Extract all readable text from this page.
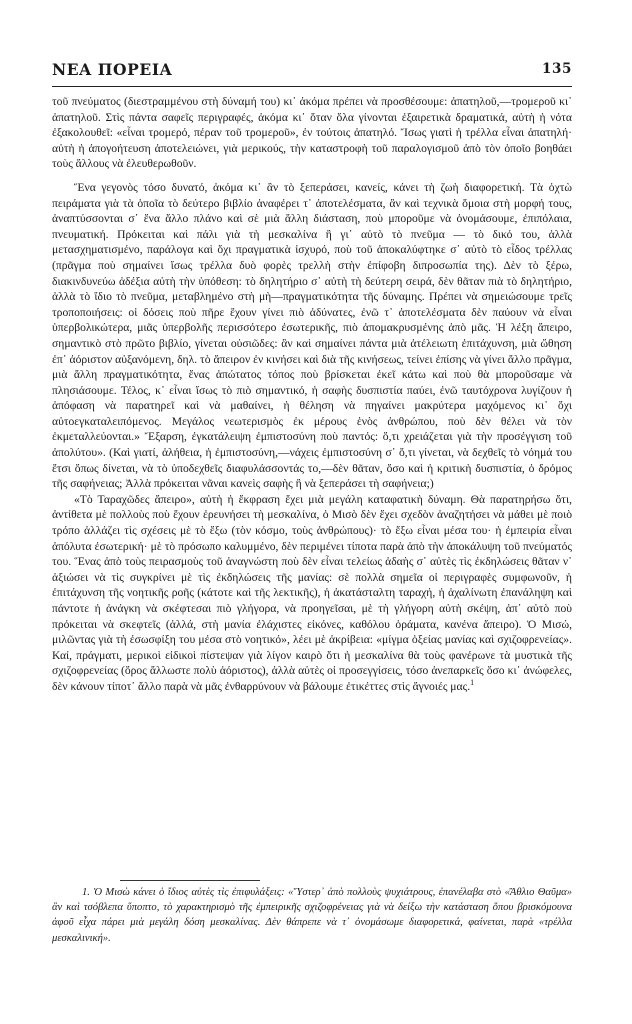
ΝΕΑ ΠΟΡΕΙΑ	135

τοῦ πνεύματος (διεστραμμένου στὴ δύναμή του) κι᾿ ἀκόμα πρέπει νὰ προσθέσουμε: ἀπατηλοῦ,—τρομεροῦ κι᾿ ἀπατηλοῦ. Στὶς πάντα σαφεῖς περιγραφές, ἀκόμα κι᾿ ὅταν ὅλα γίνονται ἐξαιρετικὰ δραματικά, αὐτὴ ἡ νότα ἐξακολουθεῖ: «εἶναι τρομερό, πέραν τοῦ τρομεροῦ», ἐν τούτοις ἀπατηλό. Ἴσως γιατὶ ἡ τρέλλα εἶναι ἀπατηλή· αὐτὴ ἡ ἀπογοήτευση ἀποτελειώνει, γιὰ μερικούς, τὴν καταστροφὴ τοῦ παραλογισμοῦ ἀπὸ τὸν ὁποῖο βοηθάει τοὺς ἄλλους νὰ ἐλευθερωθοῦν.

Ἕνα γεγονὸς τόσο δυνατό, ἀκόμα κι᾿ ἂν τὸ ξεπεράσει, κανείς, κάνει τὴ ζωὴ διαφορετική. Τὰ ὀχτὼ πειράματα γιὰ τὰ ὁποῖα τὸ δεύτερο βιβλίο ἀναφέρει τ᾿ ἀποτελέσματα, ἂν καὶ τεχνικὰ ὅμοια στὴ μορφή τους, ἀναπτύσσονται σ᾿ ἕνα ἄλλο πλάνο καὶ σὲ μιὰ ἄλλη διάσταση, ποὺ μποροῦμε νὰ ὀνομάσουμε, ἐπιπόλαια, πνευματική. Πρόκειται καὶ πάλι γιὰ τὴ μεσκαλίνα ἢ γι᾿ αὐτὸ τὸ πνεῦμα — τὸ δικό του, ἀλλὰ μετασχηματισμένο, παράλογα καὶ ὄχι πραγματικὰ ἰσχυρό, ποὺ τοῦ ἀποκαλύφτηκε σ᾿ αὐτὸ τὸ εἶδος τρέλλας (πρᾶγμα ποὺ σημαίνει ἴσως τρέλλα δυὸ φορὲς τρελλὴ στὴν ἐπίφοβη διπροσωπία της). Δὲν τὸ ξέρω, διακινδυνεύω ἁδέξια αὐτὴ τὴν ὑπόθεση: τὸ δηλητήριο σ᾿ αὐτὴ τὴ δεύτερη σειρά, δὲν θᾶταν πιὰ τὸ δηλητήριο, ἀλλὰ τὸ ἴδιο τὸ πνεῦμα, μεταβλημένο στὴ μὴ—πραγματικότητα τῆς δύναμης. Πρέπει νὰ σημειώσουμε τρεῖς τροποποιήσεις: οἱ δόσεις ποὺ πῆρε ἔχουν γίνει πιὸ ἀδύνατες, ἐνῶ τ᾿ ἀποτελέσματα δὲν παύουν νὰ εἶναι ὑπερβολικώτερα, μιᾶς ὑπερβολῆς περισσότερο ἐσωτερικῆς, πιὸ ἀπομακρυσμένης ἀπὸ μᾶς. Ἡ λέξη ἄπειρο, σημαντικὸ στὸ πρῶτο βιβλίο, γίνεται οὐσιῶδες: ἂν καὶ σημαίνει πάντα μιὰ ἀτέλειωτη ἐπιτάχυνση, μιὰ ὤθηση ἐπ᾿ ἀόριστον αὐξανόμενη, δηλ. τὸ ἄπειρον ἐν κινήσει καὶ διὰ τῆς κινήσεως, τείνει ἐπίσης νὰ γίνει ἄλλο πρᾶγμα, μιὰ ἄλλη πραγματικότητα, ἕνας ἀπώτατος τόπος ποὺ βρίσκεται ἐκεῖ κάτω καὶ ποὺ θὰ μποροῦσαμε νὰ πλησιάσουμε. Τέλος, κ᾿ εἶναι ἴσως τὸ πιὸ σημαντικό, ἡ σαφὴς δυσπιστία παύει, ἐνῶ ταυτόχρονα λυγίζουν ἡ ἀπόφαση νὰ παρατηρεῖ καὶ νὰ μαθαίνει, ἡ θέληση νὰ πηγαίνει μακρύτερα μαχόμενος κι᾿ ὄχι αὐτοεγκαταλειπόμενος. Μεγάλος νεωτερισμὸς ἐκ μέρους ἑνὸς ἀνθρώπου, ποὺ δὲν θέλει νὰ τὸν ἐκμεταλλεύονται.» Ἔξαρση, ἐγκατάλειψη ἐμπιστοσύνη ποὺ παντός: ὅ,τι χρειάζεται γιὰ τὴν προσέγγιση τοῦ ἀπολύτου». (Καὶ γιατί, ἀλήθεια, ἡ ἐμπιστοσύνη,—νάχεις ἐμπιστοσύνη σ᾿ ὅ,τι γίνεται, νὰ δεχθεῖς τὸ νόημά του ἔτσι ὅπως δίνεται, νὰ τὸ ὑποδεχθεῖς διαφυλάσσοντάς το,—δὲν θᾶταν, ὅσο καὶ ἡ κριτικὴ δυσπιστία, ὁ δρόμος τῆς σαφήνειας; Ἀλλὰ πρόκειται νᾶναι κανεὶς σαφὴς ἢ νὰ ξεπεράσει τὴ σαφήνεια;)

«Τὸ Ταραχῶδες ἄπειρο», αὐτὴ ἡ ἔκφραση ἔχει μιὰ μεγάλη καταφατικὴ δύναμη. Θὰ παρατηρήσω ὅτι, ἀντίθετα μὲ πολλοὺς ποὺ ἔχουν ἐρευνήσει τὴ μεσκαλίνα, ὁ Μισὸ δὲν ἔχει σχεδὸν ἀναζητήσει νὰ μάθει μὲ ποιὸ τρόπο ἀλλάζει τὶς σχέσεις μὲ τὸ ἔξω (τὸν κόσμο, τοὺς ἀνθρώπους)· τὸ ἔξω εἶναι μέσα του· ἡ ἐμπειρία εἶναι ἀπόλυτα ἐσωτερική· μὲ τὸ πρόσωπο καλυμμένο, δὲν περιμένει τίποτα παρὰ ἀπὸ τὴν ἀποκάλυψη τοῦ πνεύματός του. Ἕνας ἀπὸ τοὺς πειρασμοὺς τοῦ ἀναγνώστη ποὺ δὲν εἶναι τελείως ἀδαὴς σ᾿ αὐτὲς τὶς ἐκδηλώσεις θᾶταν ν᾿ ἀξιώσει νὰ τὶς συγκρίνει μὲ τὶς ἐκδηλώσεις τῆς μανίας: σὲ πολλὰ σημεῖα οἱ περιγραφὲς συμφωνοῦν, ἡ ἐπιτάχυνση τῆς νοητικῆς ροῆς (κάτοτε καὶ τῆς λεκτικῆς), ἡ ἀκατάσταλτη ταραχή, ἡ ἀχαλίνωτη ἐπανάληψη καὶ πάντοτε ἡ ἀνάγκη νὰ σκέφτεσαι πιὸ γλήγορα, νὰ προηγεῖσαι, μὲ τὴ γλήγορη αὐτὴ σκέψη, ἀπ᾿ αὐτὸ ποὺ πρόκειται νὰ σκεφτεῖς (ἀλλά, στὴ μανία ἐλάχιστες εἰκόνες, καθόλου ὁράματα, κανένα ἄπειρο). Ὁ Μισώ, μιλῶντας γιὰ τὴ ἐσωσφίξη του μέσα στὸ νοητικό», λέει μὲ ἀκρίβεια: «μίγμα ὀξείας μανίας καὶ σχιζοφρενείας». Καί, πράγματι, μερικοὶ εἰδικοὶ πίστεψαν γιὰ λίγον καιρὸ ὅτι ἡ μεσκαλίνα θὰ τοὺς φανέρωνε τὰ μυστικὰ τῆς σχιζοφρενείας (ὅρος ἄλλωστε πολὺ ἀόριστος), ἀλλὰ αὐτὲς οἱ προσεγγίσεις, τόσο ἀνεπαρκεῖς ὅσο κι᾿ ἀνώφελες, δὲν κάνουν τίποτ᾿ ἄλλο παρὰ νὰ μᾶς ἐνθαρρύνουν νὰ βάλουμε ἐτικέττες στὶς ἄγνοιές μας.$^1$

1. Ὁ Μισὼ κάνει ὁ ἴδιος αὐτὲς τὶς ἐπιφυλάξεις: «Ὕστερ᾿ ἀπὸ πολλοὺς ψυχιάτρους, ἐπανέλαβα στὸ «Ἄθλιο Θαῦμα» ἂν καὶ τσόβλεπα ὕποπτο, τὸ χαρακτηρισμὸ τῆς ἐμπειρικῆς σχιζοφρένειας γιὰ νὰ δείξω τὴν κατάσταση ὅπου βρισκόμουνα ἀφοῦ εἶχα πάρει μιὰ μεγάλη δόση μεσκαλίνας. Δὲν θάπρεπε νὰ τ᾿ ὀνομάσωμε διαφορετικά, φαίνεται, παρὰ «τρέλλα μεσκαλινική».
